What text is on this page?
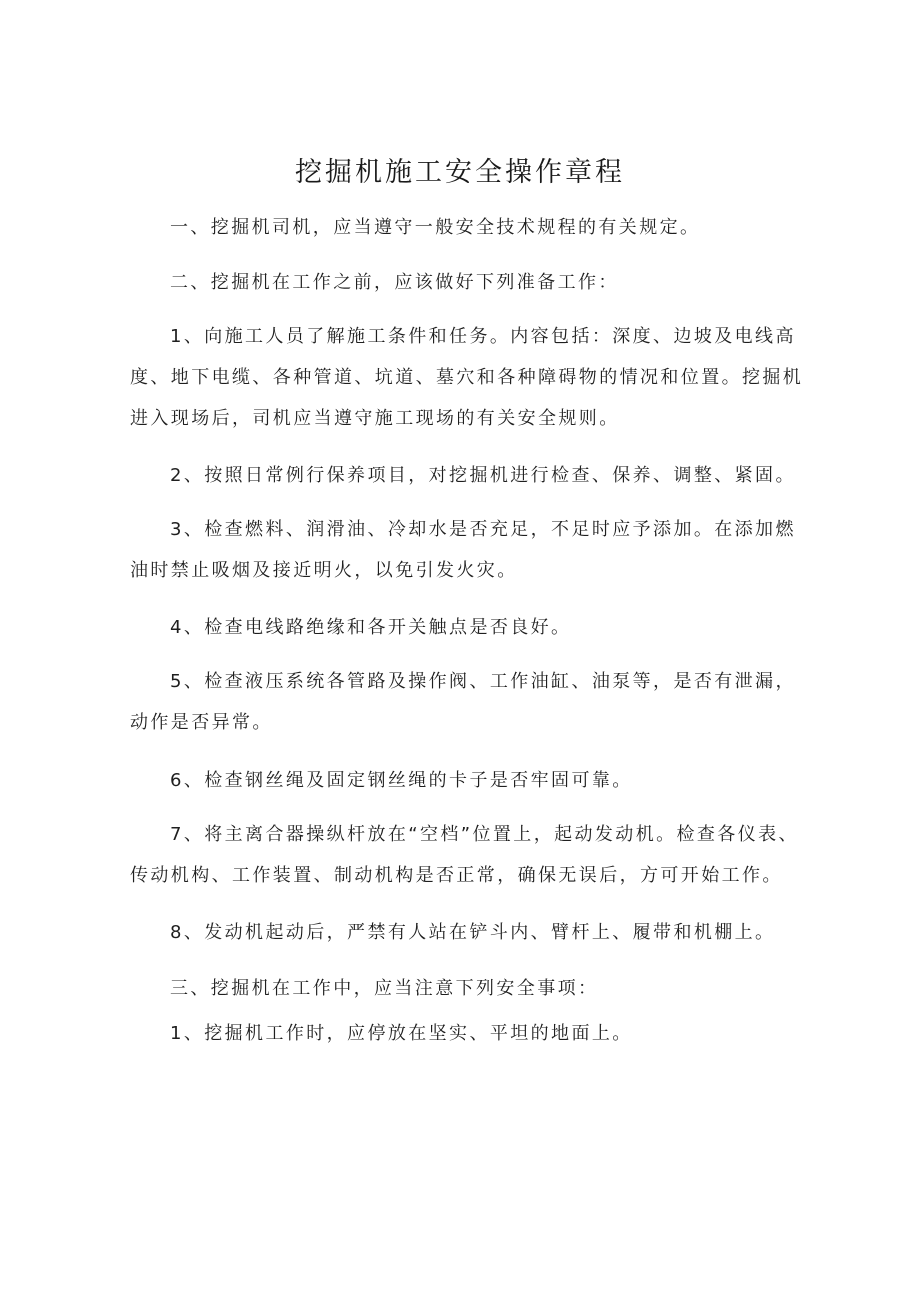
挖掘机施工安全操作章程
一、挖掘机司机，应当遵守一般安全技术规程的有关规定。
二、挖掘机在工作之前，应该做好下列准备工作：
1、向施工人员了解施工条件和任务。内容包括：深度、边坡及电线高度、地下电缆、各种管道、坑道、墓穴和各种障碍物的情况和位置。挖掘机进入现场后，司机应当遵守施工现场的有关安全规则。
2、按照日常例行保养项目，对挖掘机进行检查、保养、调整、紧固。
3、检查燃料、润滑油、冷却水是否充足，不足时应予添加。在添加燃油时禁止吸烟及接近明火，以免引发火灾。
4、检查电线路绝缘和各开关触点是否良好。
5、检查液压系统各管路及操作阀、工作油缸、油泵等，是否有泄漏，动作是否异常。
6、检查钢丝绳及固定钢丝绳的卡子是否牢固可靠。
7、将主离合器操纵杆放在“空档”位置上，起动发动机。检查各仪表、传动机构、工作装置、制动机构是否正常，确保无误后，方可开始工作。
8、发动机起动后，严禁有人站在铲斗内、臂杆上、履带和机棚上。
三、挖掘机在工作中，应当注意下列安全事项：
1、挖掘机工作时，应停放在坚实、平坦的地面上。
